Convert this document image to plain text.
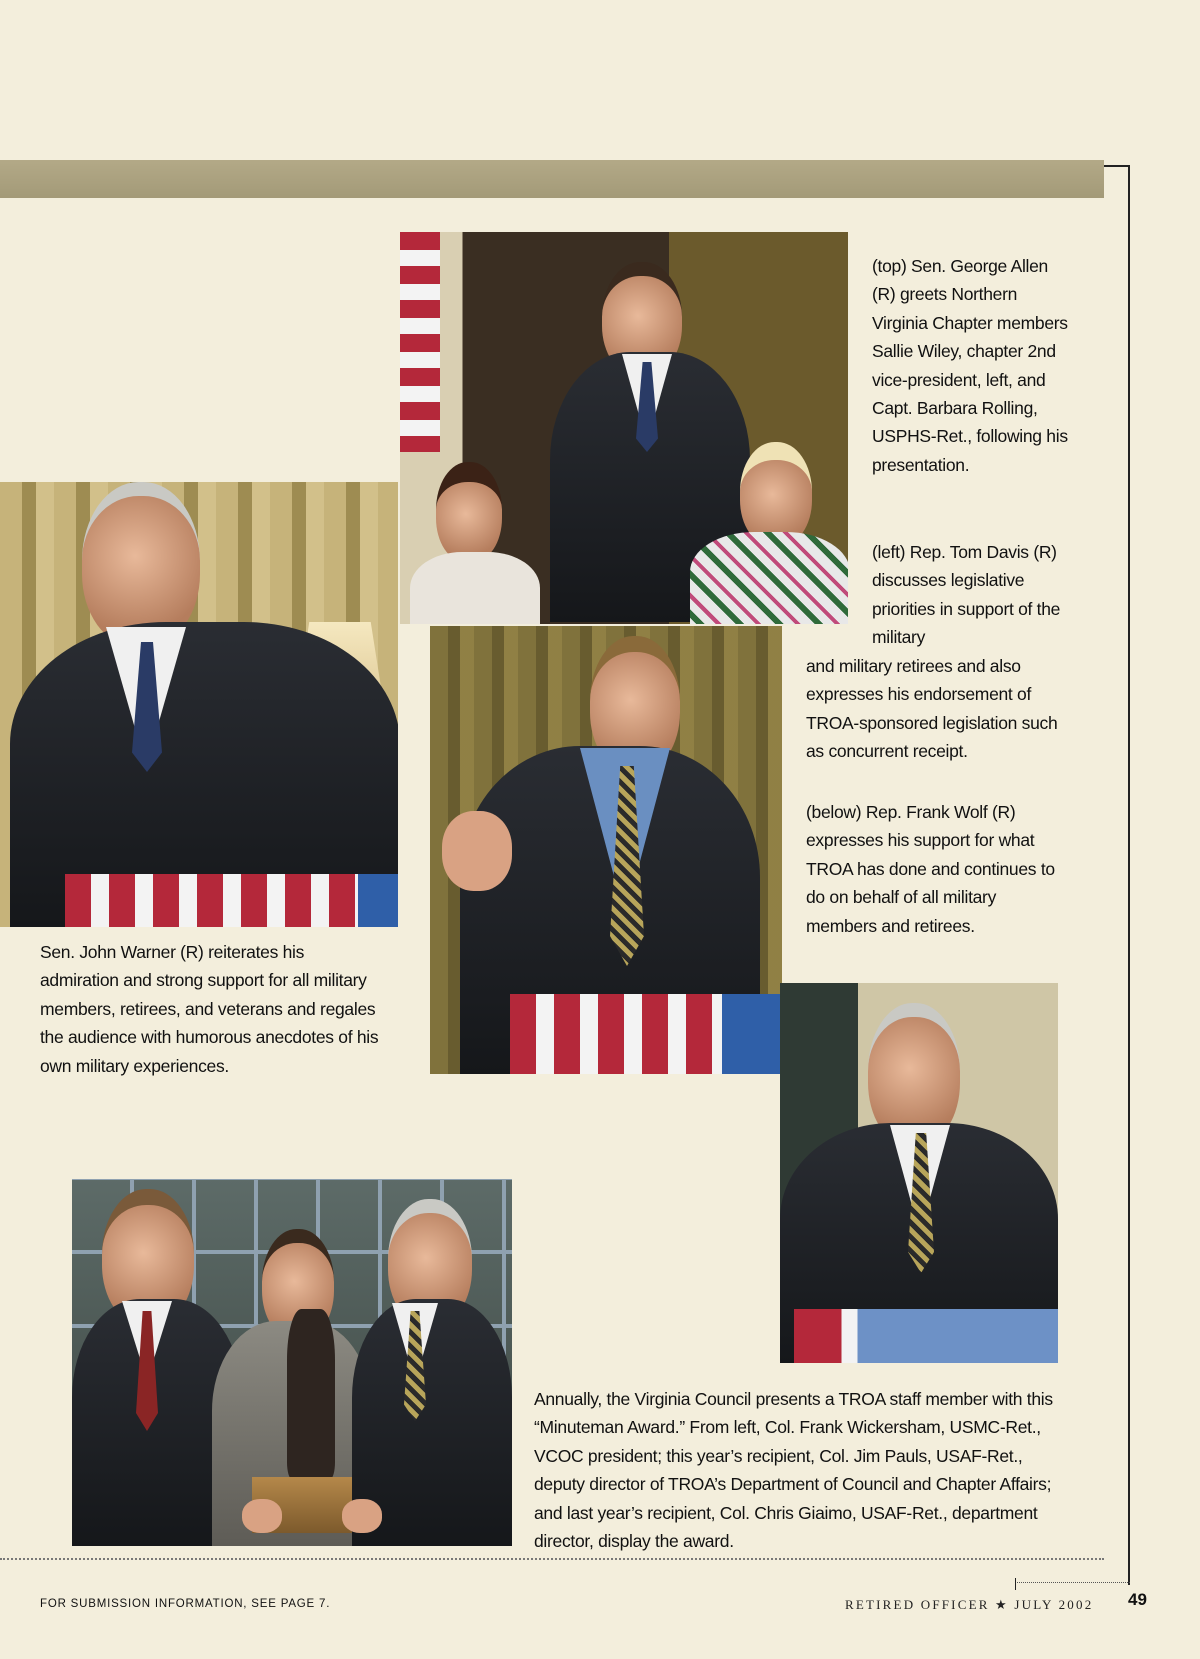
(top) Sen. George Allen (R) greets Northern Virginia Chapter members Sallie Wiley, chapter 2nd vice-president, left, and Capt. Barbara Rolling, USPHS-Ret., following his presentation.

(left) Rep. Tom Davis (R) discusses legislative priorities in support of the military

and military retirees and also expresses his endorsement of TROA-sponsored legislation such as concurrent receipt.

(below) Rep. Frank Wolf (R) expresses his support for what TROA has done and continues to do on behalf of all military members and retirees.

Sen. John Warner (R) reiterates his admiration and strong support for all military members, retirees, and veterans and regales the audience with humorous anecdotes of his own military experiences.

Annually, the Virginia Council presents a TROA staff member with this “Minuteman Award.” From left, Col. Frank Wickersham, USMC-Ret., VCOC president; this year’s recipient, Col. Jim Pauls, USAF-Ret., deputy director of TROA’s Department of Council and Chapter Affairs; and last year’s recipient, Col. Chris Giaimo, USAF-Ret., department director, display the award.

FOR SUBMISSION INFORMATION, SEE PAGE 7.	RETIRED OFFICER ★ JULY 2002 49
